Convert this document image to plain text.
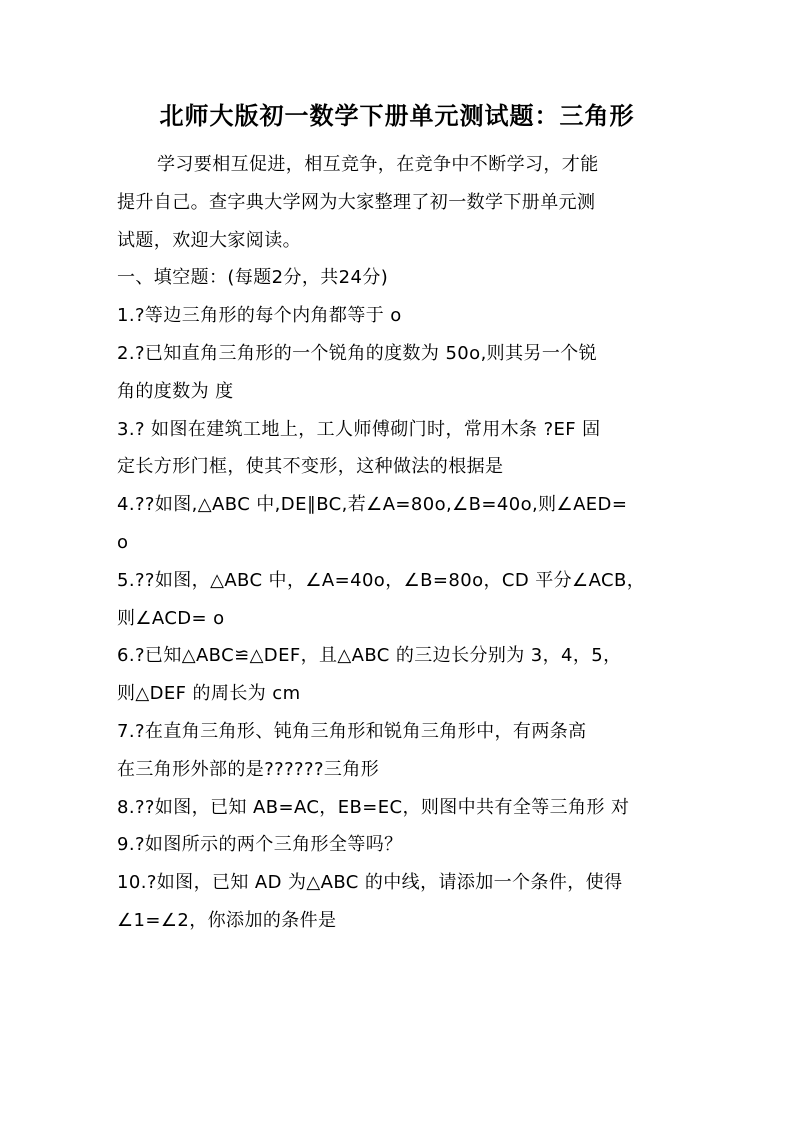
北师大版初一数学下册单元测试题：三角形
学习要相互促进，相互竞争，在竞争中不断学习，才能
提升自己。查字典大学网为大家整理了初一数学下册单元测
试题，欢迎大家阅读。
一、填空题：(每题2分，共24分)
1.?等边三角形的每个内角都等于 o
2.?已知直角三角形的一个锐角的度数为 50o,则其另一个锐
角的度数为 度
3.? 如图在建筑工地上，工人师傅砌门时，常用木条 ?EF 固
定长方形门框，使其不变形，这种做法的根据是
4.??如图,△ABC 中,DE∥BC,若∠A=80o,∠B=40o,则∠AED=
o
5.??如图，△ABC 中，∠A=40o，∠B=80o，CD 平分∠ACB，
则∠ACD= o
6.?已知△ABC≌△DEF，且△ABC 的三边长分别为 3，4，5，
则△DEF 的周长为 cm
7.?在直角三角形、钝角三角形和锐角三角形中，有两条高
在三角形外部的是??????三角形
8.??如图，已知 AB=AC，EB=EC，则图中共有全等三角形 对
9.?如图所示的两个三角形全等吗？
10.?如图，已知 AD 为△ABC 的中线，请添加一个条件，使得
∠1=∠2，你添加的条件是
